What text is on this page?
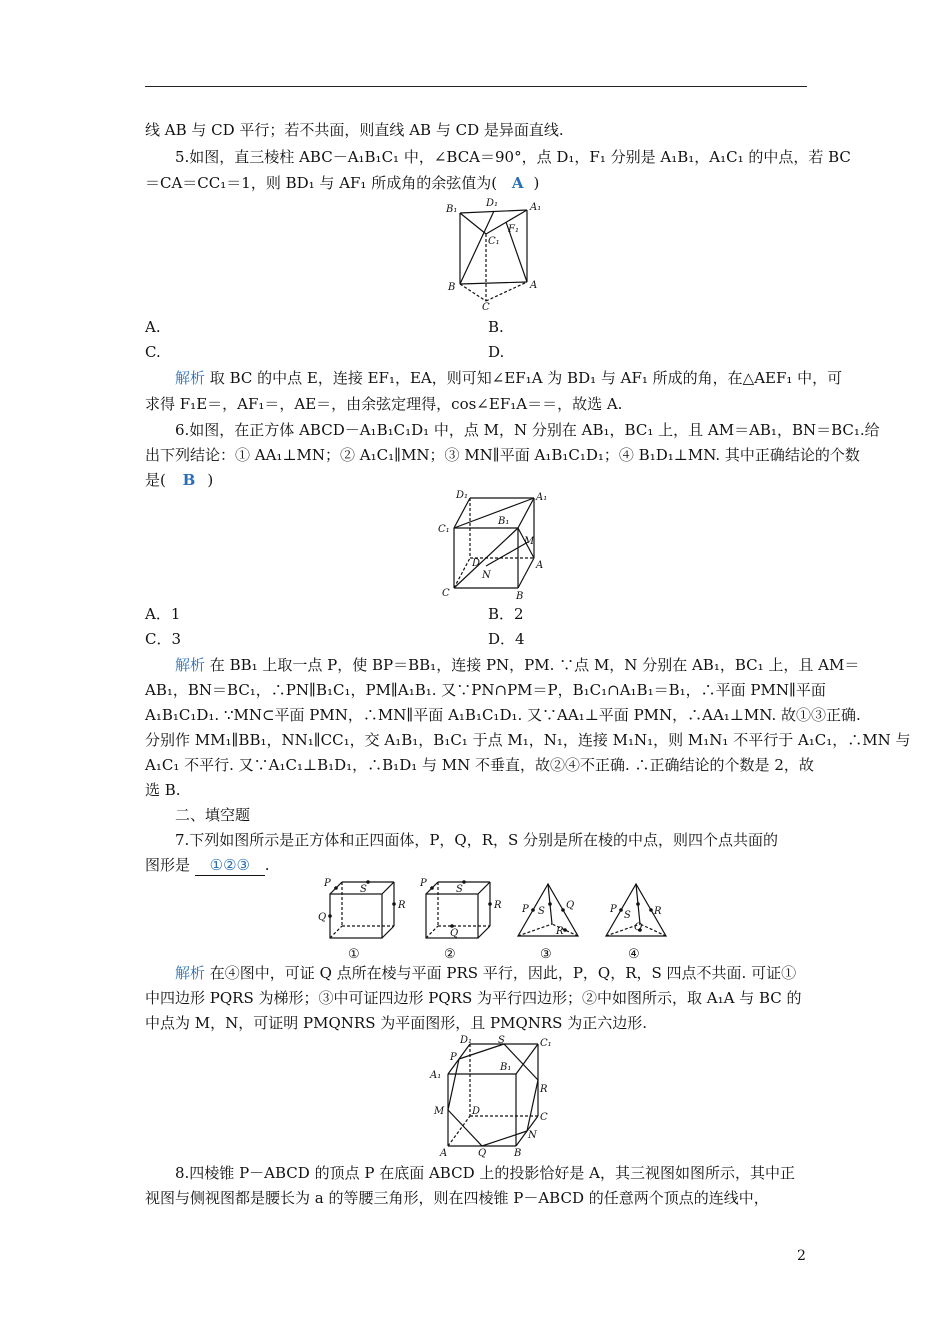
线 AB 与 CD 平行；若不共面，则直线 AB 与 CD 是异面直线.
5.如图，直三棱柱 ABC－A₁B₁C₁ 中，∠BCA＝90°，点 D₁，F₁ 分别是 A₁B₁，A₁C₁ 的中点，若 BC
＝CA＝CC₁＝1，则 BD₁ 与 AF₁ 所成角的余弦值为( A )
B₁
D₁	A₁
C₁
F₁
B	A
C
A.	B.
C.	D.
解析 取 BC 的中点 E，连接 EF₁，EA，则可知∠EF₁A 为 BD₁ 与 AF₁ 所成的角，在△AEF₁ 中，可
求得 F₁E＝，AF₁＝，AE＝，由余弦定理得，cos∠EF₁A＝＝，故选 A.
6.如图，在正方体 ABCD－A₁B₁C₁D₁ 中，点 M，N 分别在 AB₁，BC₁ 上，且 AM＝AB₁，BN＝BC₁.给
出下列结论：① AA₁⊥MN；② A₁C₁∥MN；③ MN∥平面 A₁B₁C₁D₁；④ B₁D₁⊥MN. 其中正确结论的个数
是( B )
D₁	A₁
B₁
C₁
D
M
N
A
B
C
A．1	B．2
C．3	D．4
解析 在 BB₁ 上取一点 P，使 BP＝BB₁，连接 PN，PM. ∵点 M，N 分别在 AB₁，BC₁ 上，且 AM＝
AB₁，BN＝BC₁，∴PN∥B₁C₁，PM∥A₁B₁. 又∵PN∩PM＝P，B₁C₁∩A₁B₁＝B₁，∴平面 PMN∥平面
A₁B₁C₁D₁. ∵MN⊂平面 PMN，∴MN∥平面 A₁B₁C₁D₁. 又∵AA₁⊥平面 PMN，∴AA₁⊥MN. 故①③正确.
分别作 MM₁∥BB₁，NN₁∥CC₁，交 A₁B₁，B₁C₁ 于点 M₁，N₁，连接 M₁N₁，则 M₁N₁ 不平行于 A₁C₁，∴MN 与
A₁C₁ 不平行. 又∵A₁C₁⊥B₁D₁，∴B₁D₁ 与 MN 不垂直，故②④不正确. ∴正确结论的个数是 2，故
选 B.
二、填空题
7.下列如图所示是正方体和正四面体，P，Q，R，S 分别是所在棱的中点，则四个点共面的
图形是 ①②③ .
P
S
Q
R
P
S
Q
R P S
Q
R
P
S R
Q
①	②	③	④
解析 在④图中，可证 Q 点所在棱与平面 PRS 平行，因此，P，Q，R，S 四点不共面. 可证①
中四边形 PQRS 为梯形；③中可证四边形 PQRS 为平行四边形；②中如图所示，取 A₁A 与 BC 的
中点为 M，N，可证明 PMQNRS 为平面图形，且 PMQNRS 为正六边形.
D₁	S	C₁
P
A₁
B₁
R
M	D
C
N
A	Q	B
8.四棱锥 P－ABCD 的顶点 P 在底面 ABCD 上的投影恰好是 A，其三视图如图所示，其中正
视图与侧视图都是腰长为 a 的等腰三角形，则在四棱锥 P－ABCD 的任意两个顶点的连线中，
2
